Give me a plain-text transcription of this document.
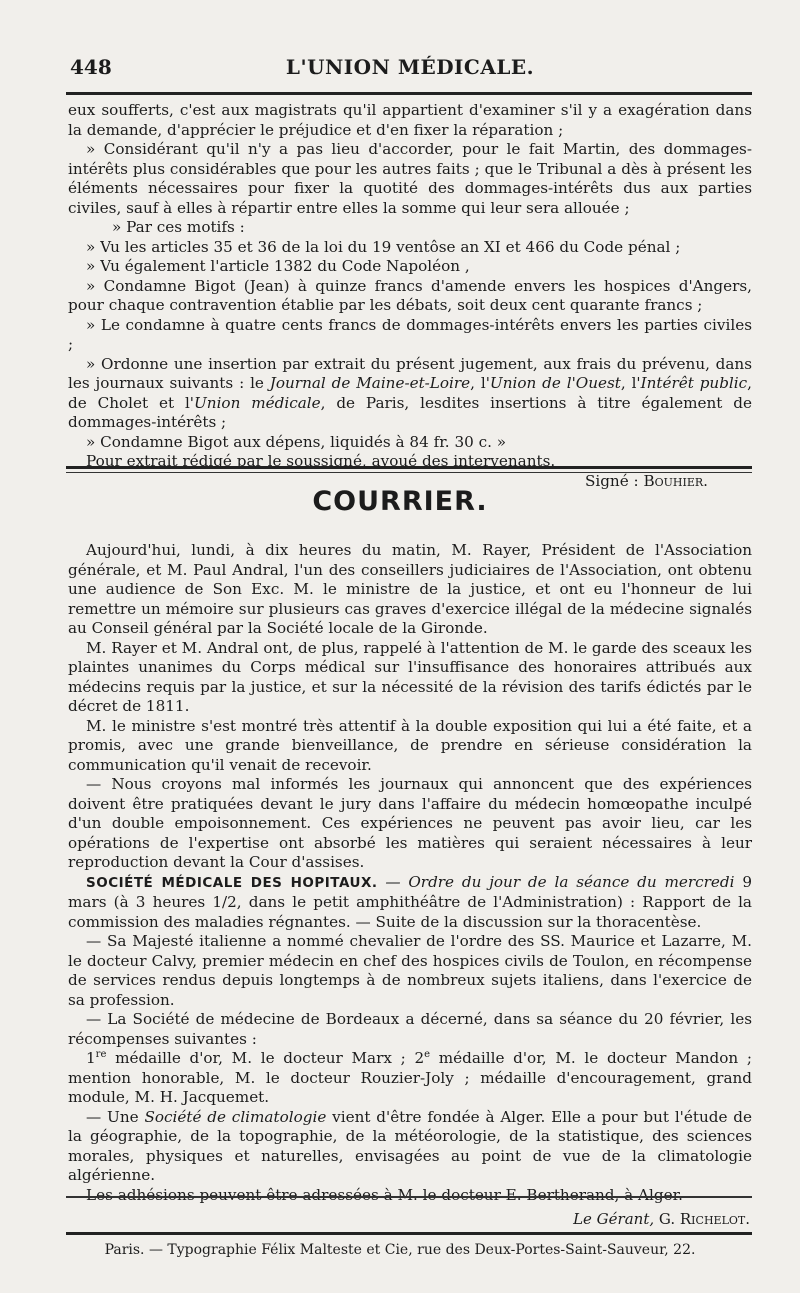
448	L'UNION MÉDICALE.

eux soufferts, c'est aux magistrats qu'il appartient d'examiner s'il y a exagération dans la demande, d'apprécier le préjudice et d'en fixer la réparation ;

» Considérant qu'il n'y a pas lieu d'accorder, pour le fait Martin, des dommages-intérêts plus considérables que pour les autres faits ; que le Tribunal a dès à présent les éléments nécessaires pour fixer la quotité des dommages-intérêts dus aux parties civiles, sauf à elles à répartir entre elles la somme qui leur sera allouée ;

» Par ces motifs :

» Vu les articles 35 et 36 de la loi du 19 ventôse an XI et 466 du Code pénal ;

» Vu également l'article 1382 du Code Napoléon ,

» Condamne Bigot (Jean) à quinze francs d'amende envers les hospices d'Angers, pour chaque contravention établie par les débats, soit deux cent quarante francs ;

» Le condamne à quatre cents francs de dommages-intérêts envers les parties civiles ;

» Ordonne une insertion par extrait du présent jugement, aux frais du prévenu, dans les journaux suivants : le Journal de Maine-et-Loire, l'Union de l'Ouest, l'Intérêt public, de Cholet et l'Union médicale, de Paris, lesdites insertions à titre également de dommages-intérêts ;

» Condamne Bigot aux dépens, liquidés à 84 fr. 30 c. »

Pour extrait rédigé par le soussigné, avoué des intervenants.

Signé : Bouhier.

COURRIER.

Aujourd'hui, lundi, à dix heures du matin, M. Rayer, Président de l'Association générale, et M. Paul Andral, l'un des conseillers judiciaires de l'Association, ont obtenu une audience de Son Exc. M. le ministre de la justice, et ont eu l'honneur de lui remettre un mémoire sur plusieurs cas graves d'exercice illégal de la médecine signalés au Conseil général par la Société locale de la Gironde.

M. Rayer et M. Andral ont, de plus, rappelé à l'attention de M. le garde des sceaux les plaintes unanimes du Corps médical sur l'insuffisance des honoraires attribués aux médecins requis par la justice, et sur la nécessité de la révision des tarifs édictés par le décret de 1811.

M. le ministre s'est montré très attentif à la double exposition qui lui a été faite, et a promis, avec une grande bienveillance, de prendre en sérieuse considération la communication qu'il venait de recevoir.

— Nous croyons mal informés les journaux qui annoncent que des expériences doivent être pratiquées devant le jury dans l'affaire du médecin homœopathe inculpé d'un double empoisonnement. Ces expériences ne peuvent pas avoir lieu, car les opérations de l'expertise ont absorbé les matières qui seraient nécessaires à leur reproduction devant la Cour d'assises.

SOCIÉTÉ MÉDICALE DES HOPITAUX. — Ordre du jour de la séance du mercredi 9 mars (à 3 heures 1/2, dans le petit amphithéâtre de l'Administration) : Rapport de la commission des maladies régnantes. — Suite de la discussion sur la thoracentèse.

— Sa Majesté italienne a nommé chevalier de l'ordre des SS. Maurice et Lazarre, M. le docteur Calvy, premier médecin en chef des hospices civils de Toulon, en récompense de services rendus depuis longtemps à de nombreux sujets italiens, dans l'exercice de sa profession.

— La Société de médecine de Bordeaux a décerné, dans sa séance du 20 février, les récompenses suivantes :

1re médaille d'or, M. le docteur Marx ; 2e médaille d'or, M. le docteur Mandon ; mention honorable, M. le docteur Rouzier-Joly ; médaille d'encouragement, grand module, M. H. Jacquemet.

— Une Société de climatologie vient d'être fondée à Alger. Elle a pour but l'étude de la géographie, de la topographie, de la météorologie, de la statistique, des sciences morales, physiques et naturelles, envisagées au point de vue de la climatologie algérienne.

Les adhésions peuvent être adressées à M. le docteur E. Bertherand, à Alger.

Le Gérant, G. Richelot.
Paris. — Typographie Félix Malteste et Cie, rue des Deux-Portes-Saint-Sauveur, 22.
